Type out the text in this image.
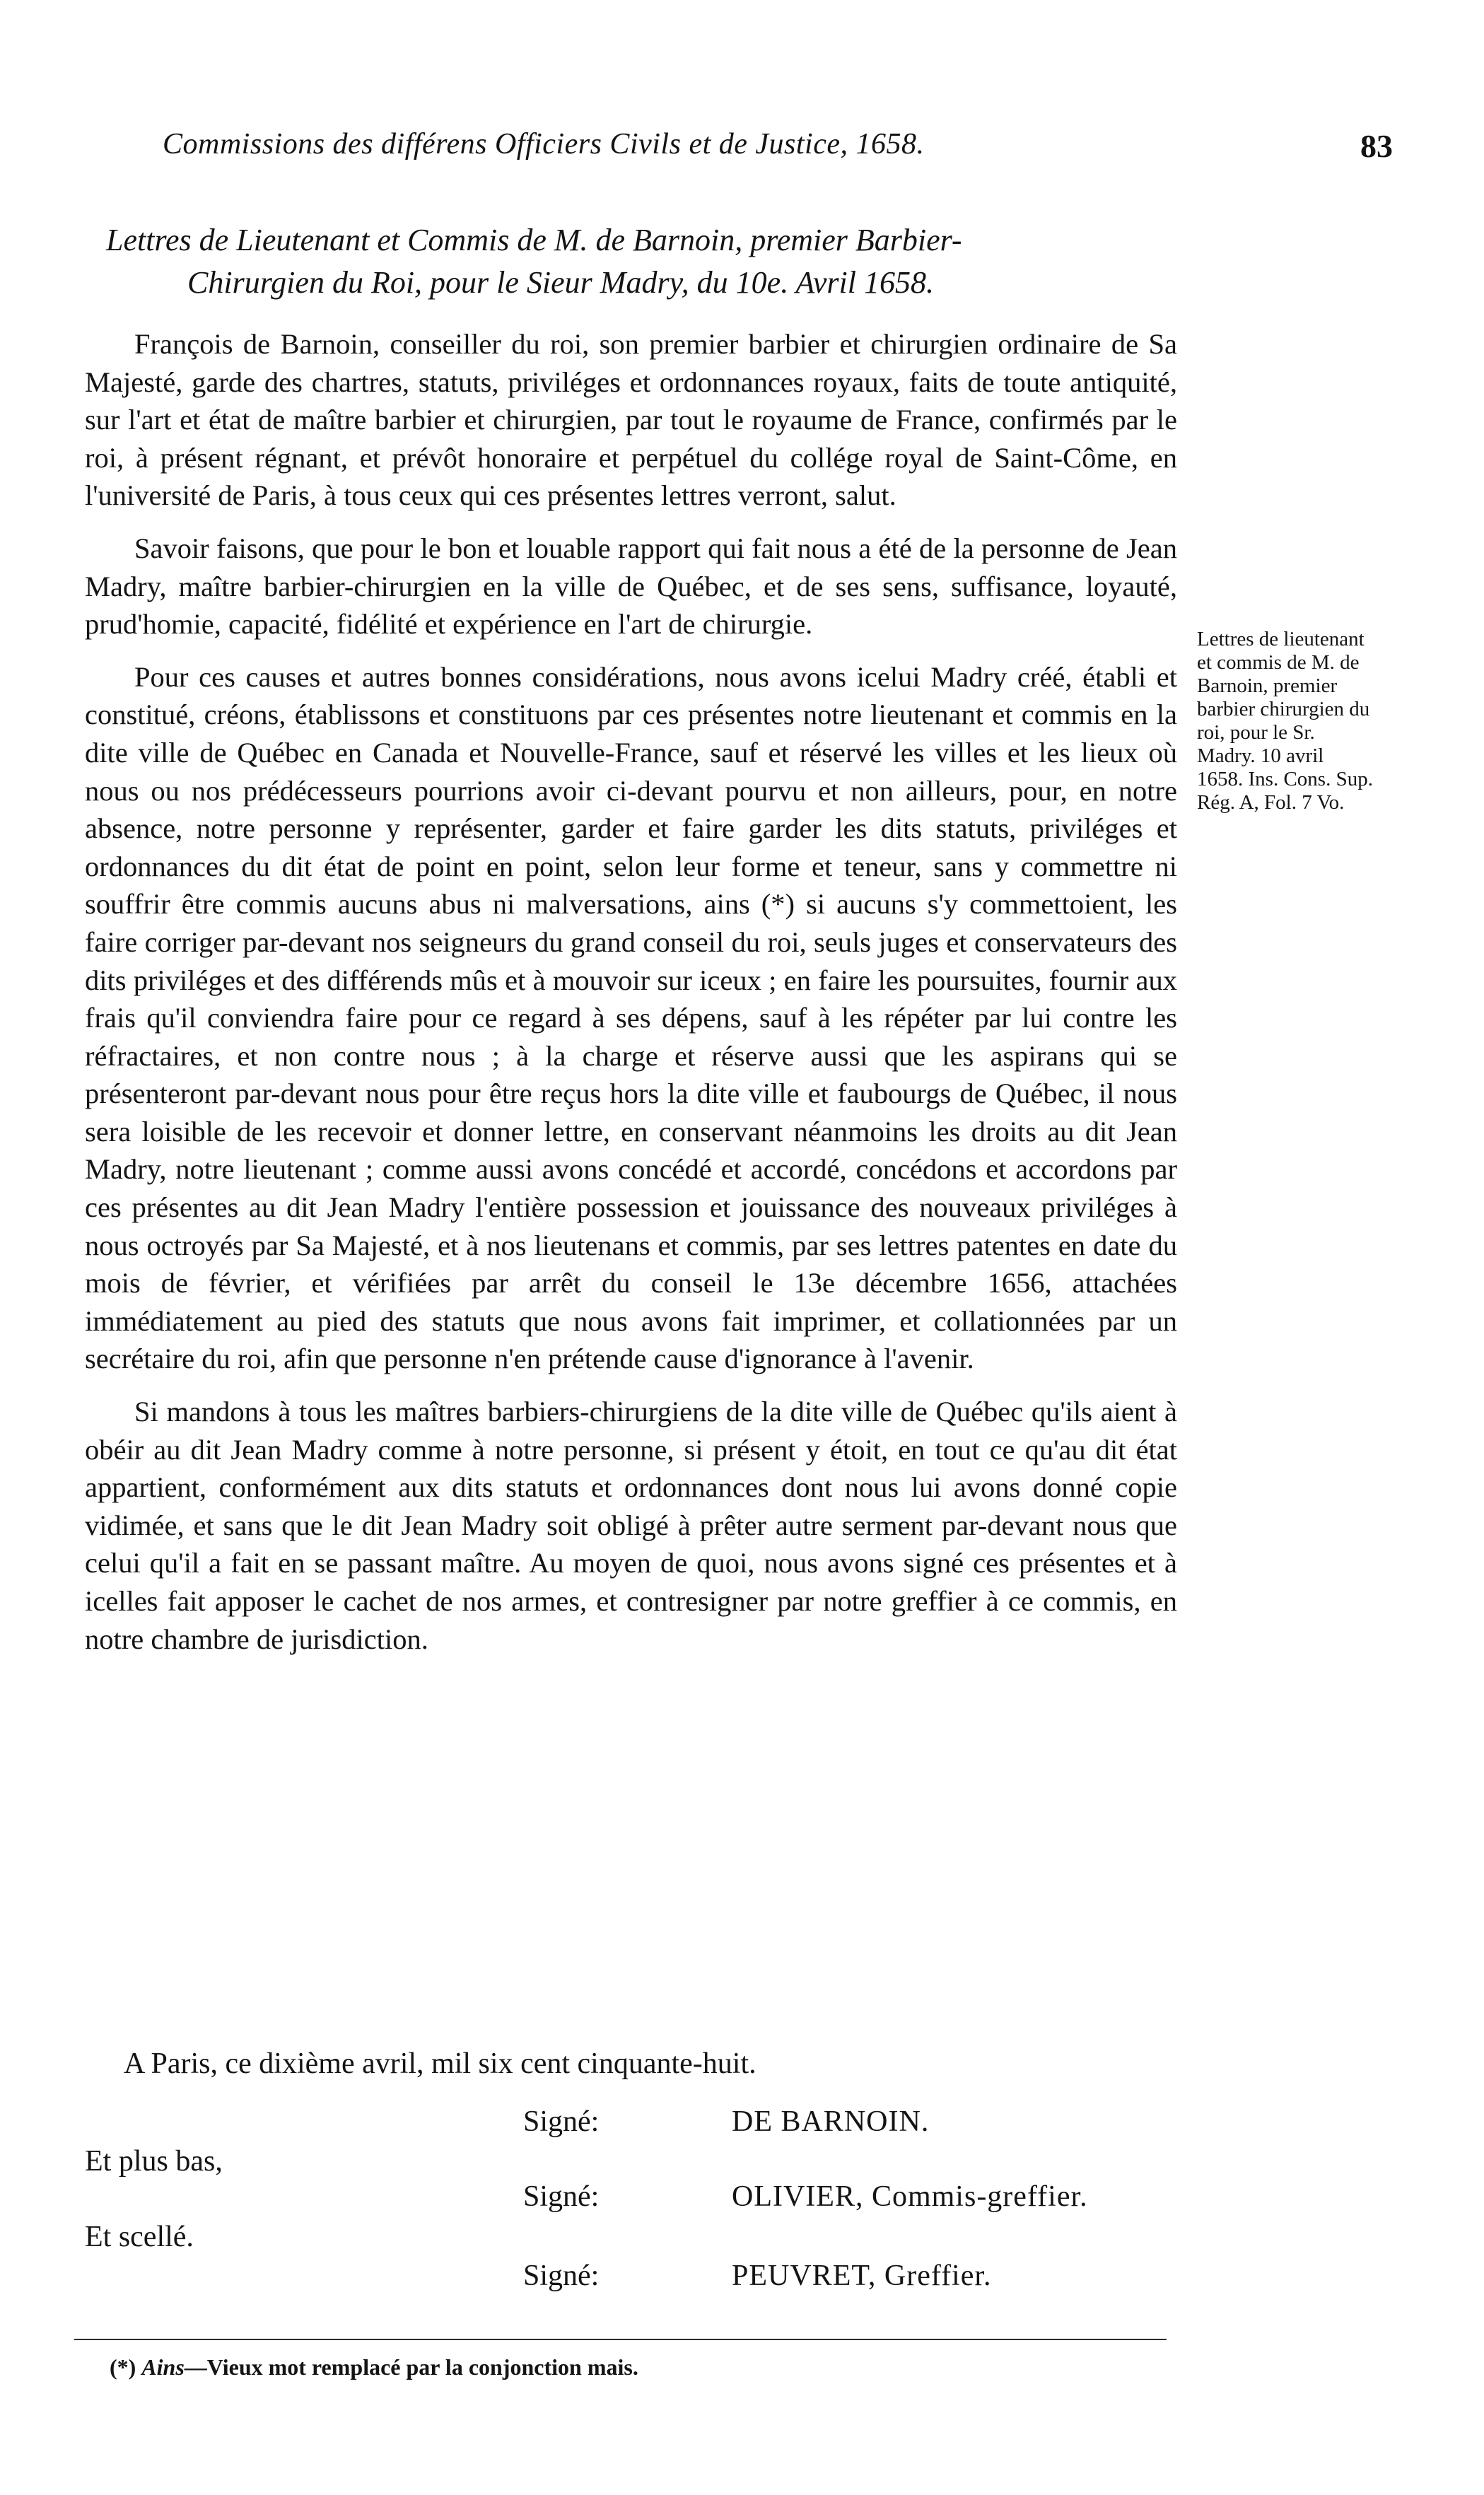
Commissions des différens Officiers Civils et de Justice, 1658.	83
Lettres de Lieutenant et Commis de M. de Barnoin, premier Barbier-
Chirurgien du Roi, pour le Sieur Madry, du 10e. Avril 1658.

François de Barnoin, conseiller du roi, son premier barbier et chirurgien ordinaire de Sa Majesté, garde des chartres, statuts, priviléges et ordonnances royaux, faits de toute antiquité, sur l'art et état de maître barbier et chirurgien, par tout le royaume de France, confirmés par le roi, à présent régnant, et prévôt honoraire et perpétuel du collége royal de Saint-Côme, en l'université de Paris, à tous ceux qui ces présentes lettres verront, salut.

Savoir faisons, que pour le bon et louable rapport qui fait nous a été de la personne de Jean Madry, maître barbier-chirurgien en la ville de Québec, et de ses sens, suffisance, loyauté, prud'homie, capacité, fidélité et expérience en l'art de chirurgie.

Pour ces causes et autres bonnes considérations, nous avons icelui Madry créé, établi et constitué, créons, établissons et constituons par ces présentes notre lieutenant et commis en la dite ville de Québec en Canada et Nouvelle-France, sauf et réservé les villes et les lieux où nous ou nos prédécesseurs pourrions avoir ci-devant pourvu et non ailleurs, pour, en notre absence, notre personne y représenter, garder et faire garder les dits statuts, priviléges et ordonnances du dit état de point en point, selon leur forme et teneur, sans y commettre ni souffrir être commis aucuns abus ni malversations, ains (*) si aucuns s'y commettoient, les faire corriger par-devant nos seigneurs du grand conseil du roi, seuls juges et conservateurs des dits priviléges et des différends mûs et à mouvoir sur iceux ; en faire les poursuites, fournir aux frais qu'il conviendra faire pour ce regard à ses dépens, sauf à les répéter par lui contre les réfractaires, et non contre nous ; à la charge et réserve aussi que les aspirans qui se présenteront par-devant nous pour être reçus hors la dite ville et faubourgs de Québec, il nous sera loisible de les recevoir et donner lettre, en conservant néanmoins les droits au dit Jean Madry, notre lieutenant ; comme aussi avons concédé et accordé, concédons et accordons par ces présentes au dit Jean Madry l'entière possession et jouissance des nouveaux priviléges à nous octroyés par Sa Majesté, et à nos lieutenans et commis, par ses lettres patentes en date du mois de février, et vérifiées par arrêt du conseil le 13e décembre 1656, attachées immédiatement au pied des statuts que nous avons fait imprimer, et collationnées par un secrétaire du roi, afin que personne n'en prétende cause d'ignorance à l'avenir.

Si mandons à tous les maîtres barbiers-chirurgiens de la dite ville de Québec qu'ils aient à obéir au dit Jean Madry comme à notre personne, si présent y étoit, en tout ce qu'au dit état appartient, conformément aux dits statuts et ordonnances dont nous lui avons donné copie vidimée, et sans que le dit Jean Madry soit obligé à prêter autre serment par-devant nous que celui qu'il a fait en se passant maître. Au moyen de quoi, nous avons signé ces présentes et à icelles fait apposer le cachet de nos armes, et contresigner par notre greffier à ce commis, en notre chambre de jurisdiction.

Lettres de lieutenant et commis de M. de Barnoin, premier barbier chirurgien du roi, pour le Sr. Madry. 10 avril 1658. Ins. Cons. Sup. Rég. A, Fol. 7 Vo.
A Paris, ce dixième avril, mil six cent cinquante-huit.
Signé:	DE BARNOIN.
Et plus bas,
Signé:	OLIVIER, Commis-greffier.
Et scellé.
Signé:	PEUVRET, Greffier.
(*) Ains—Vieux mot remplacé par la conjonction mais.
